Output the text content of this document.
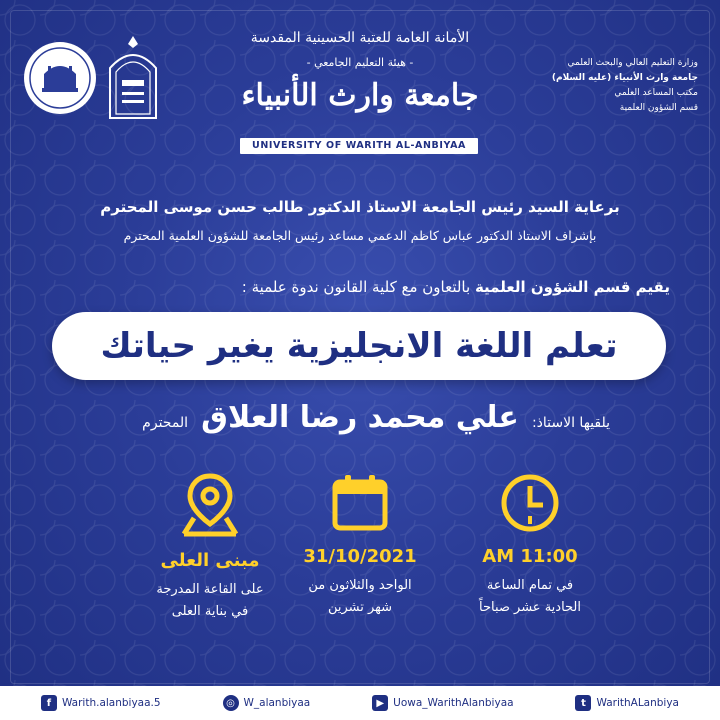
الأمانة العامة للعتبة الحسينية المقدسة
- هيئة التعليم الجامعي -
جامعة وارث الأنبياء
UNIVERSITY OF WARITH AL-ANBIYAA
وزارة التعليم العالي والبحث العلمي
جامعة وارث الأنبياء (عليه السلام)
مكتب المساعد العلمي
قسم الشؤون العلمية
برعاية السيد رئيس الجامعة الاستاذ الدكتور طالب حسن موسى المحترم
بإشراف الاستاذ الدكتور عباس كاظم الدعمي مساعد رئيس الجامعة للشؤون العلمية المحترم
يقيم قسم الشؤون العلمية بالتعاون مع كلية القانون ندوة علمية :
تعلم اللغة الانجليزية يغير حياتك
يلقيها الاستاذ: علي محمد رضا العلاق المحترم
مبنى العلى
على القاعة المدرجة
في بناية العلى
31/10/2021
الواحد والثلاثون من
شهر تشرين
11:00 AM
في تمام الساعة
الحادية عشر صباحاً
f	Warith.alanbiyaa.5	◎ W_alanbiyaa	▶ Uowa_WarithAlanbiyaa	t	WarithALanbiya
